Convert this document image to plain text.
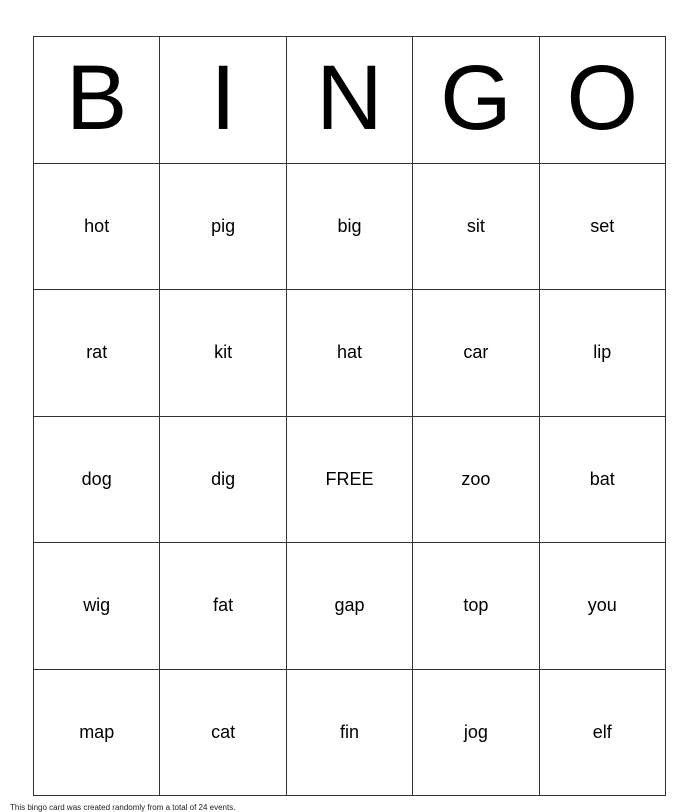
B I N G O
hot	pig	big	sit	set
rat	kit	hat	car	lip
dog	dig	FREE	zoo	bat
wig	fat	gap	top	you
map	cat	fin	jog	elf
This bingo card was created randomly from a total of 24 events.
